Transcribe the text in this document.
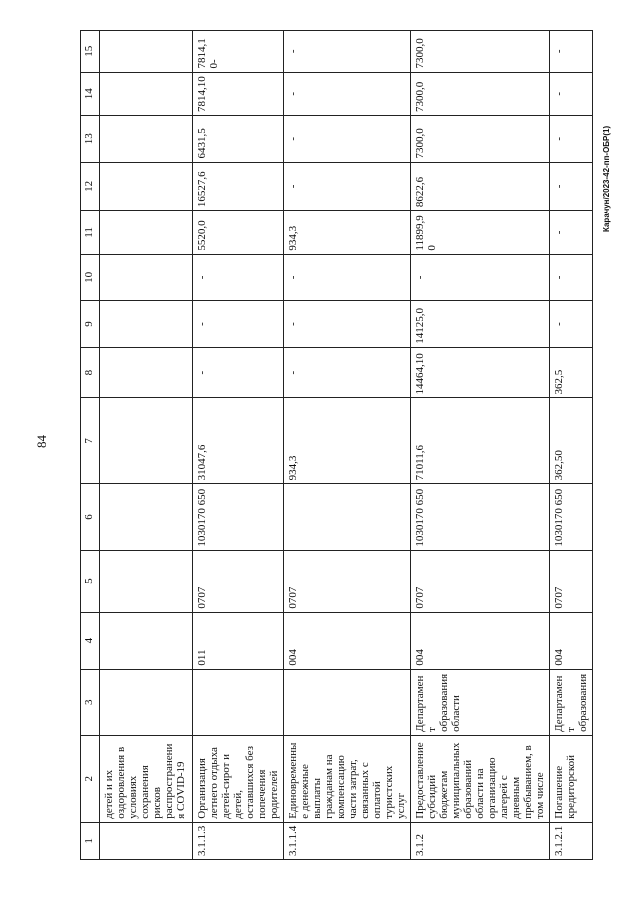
84
Карачун/2023-42-пп-ОБР(1)
1	2	3	4	5	6	7	8	9	10	11	12	13	14	15
	детей и их оздоровления в условиях сохранения рисков распространения COVID-19													
3.1.1.3	Организация летнего отдыха детей-сирот и детей, оставшихся без попечения родителей		011	0707	1030170 650	31047,6	-	-	-	5520,0	16527,6	6431,5	7814,10	7814,10-
3.1.1.4	Единовременные денежные выплаты гражданам на компенсацию части затрат, связанных с оплатой туристских услуг		004	0707		934,3	-	-	-	934,3	-	-	-	-
3.1.2	Предоставление субсидий бюджетам муниципальных образований области на организацию лагерей с дневным пребыванием, в том числе	Департамент образования области	004	0707	1030170 650	71011,6	14464,10	14125,0	-	11899,90	8622,6	7300,0	7300,0	7300,0
3.1.2.1	Погашение кредиторской	Департамент образования	004	0707	1030170 650	362,50	362,5	-	-	-	-	-	-	-
